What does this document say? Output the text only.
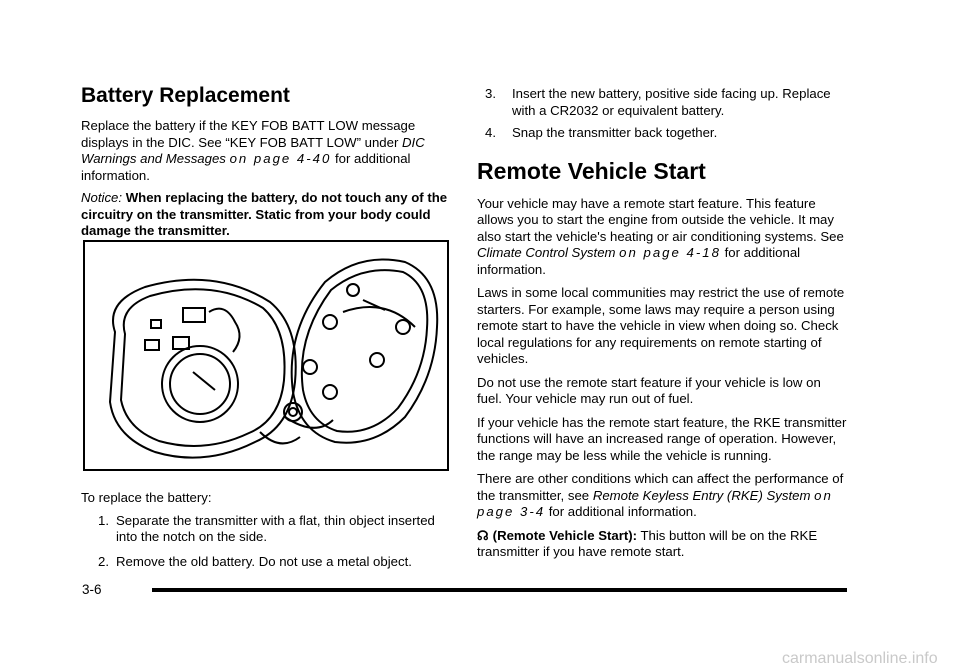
Battery Replacement

Replace the battery if the KEY FOB BATT LOW message displays in the DIC. See “KEY FOB BATT LOW” under DIC Warnings and Messages on page 4‑40 for additional information.

Notice: When replacing the battery, do not touch any of the circuitry on the transmitter. Static from your body could damage the transmitter.

To replace the battery:

1. Separate the transmitter with a flat, thin object inserted into the notch on the side.
2. Remove the old battery. Do not use a metal object.
3. Insert the new battery, positive side facing up. Replace with a CR2032 or equivalent battery.
4. Snap the transmitter back together.
Remote Vehicle Start

Your vehicle may have a remote start feature. This feature allows you to start the engine from outside the vehicle. It may also start the vehicle's heating or air conditioning systems. See Climate Control System on page 4‑18 for additional information.

Laws in some local communities may restrict the use of remote starters. For example, some laws may require a person using remote start to have the vehicle in view when doing so. Check local regulations for any requirements on remote starting of vehicles.

Do not use the remote start feature if your vehicle is low on fuel. Your vehicle may run out of fuel.

If your vehicle has the remote start feature, the RKE transmitter functions will have an increased range of operation. However, the range may be less while the vehicle is running.

There are other conditions which can affect the performance of the transmitter, see Remote Keyless Entry (RKE) System on page 3‑4 for additional information.

☊ (Remote Vehicle Start): This button will be on the RKE transmitter if you have remote start.

3-6
carmanualsonline.info
